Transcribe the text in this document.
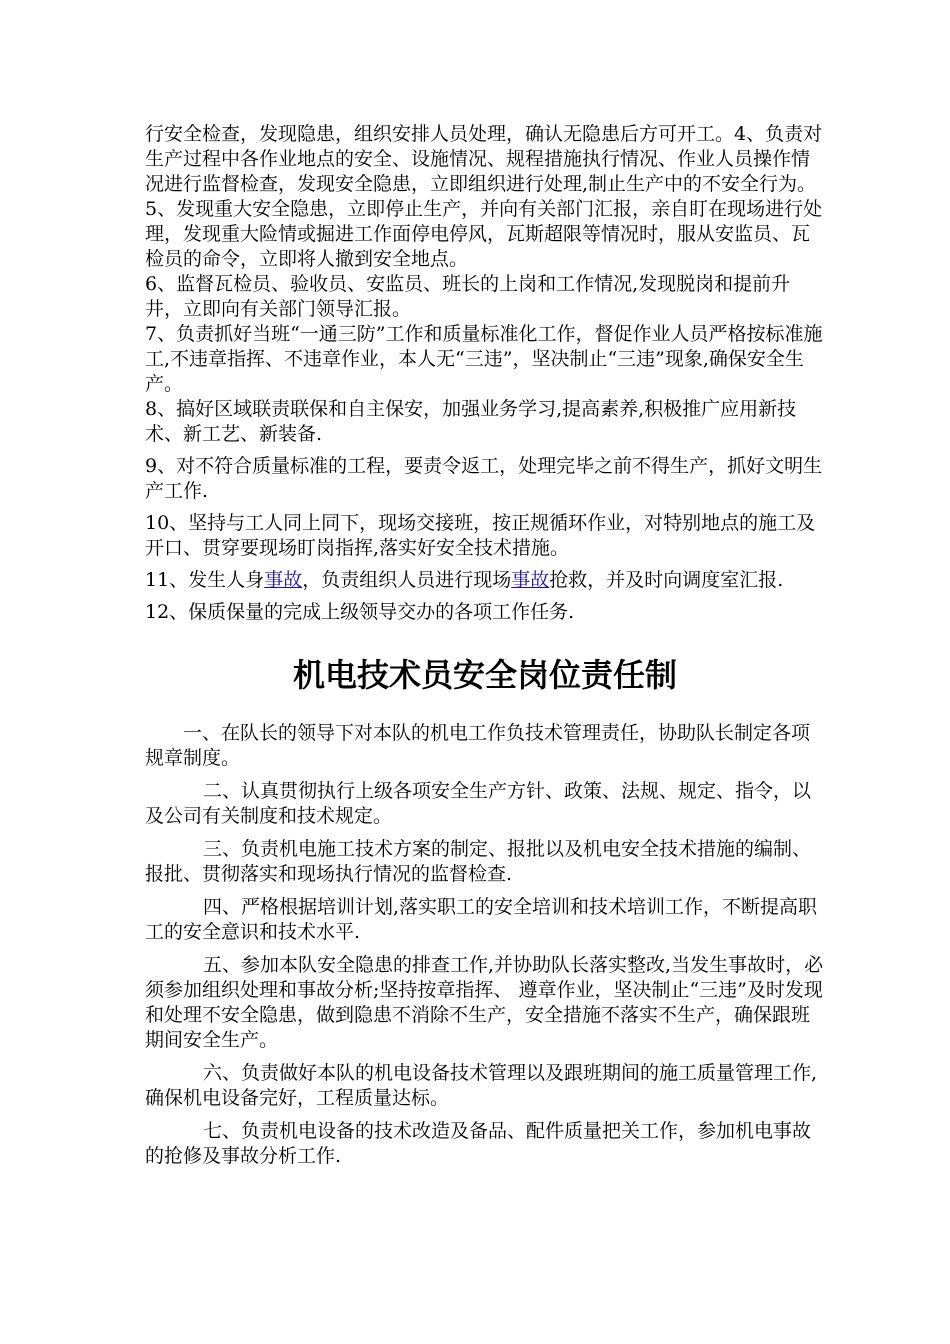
行安全检查，发现隐患，组织安排人员处理，确认无隐患后方可开工。4、负责对生产过程中各作业地点的安全、设施情况、规程措施执行情况、作业人员操作情况进行监督检查，发现安全隐患，立即组织进行处理,制止生产中的不安全行为。

5、发现重大安全隐患，立即停止生产，并向有关部门汇报，亲自盯在现场进行处理，发现重大险情或掘进工作面停电停风，瓦斯超限等情况时，服从安监员、瓦检员的命令，立即将人撤到安全地点。

6、监督瓦检员、验收员、安监员、班长的上岗和工作情况,发现脱岗和提前升井，立即向有关部门领导汇报。

7、负责抓好当班“一通三防”工作和质量标准化工作，督促作业人员严格按标准施工,不违章指挥、不违章作业，本人无“三违”，坚决制止“三违”现象,确保安全生产。

8、搞好区域联责联保和自主保安，加强业务学习,提高素养,积极推广应用新技术、新工艺、新装备.

9、对不符合质量标准的工程，要责令返工，处理完毕之前不得生产，抓好文明生产工作.

10、坚持与工人同上同下，现场交接班，按正规循环作业，对特别地点的施工及开口、贯穿要现场盯岗指挥,落实好安全技术措施。

11、发生人身事故，负责组织人员进行现场事故抢救，并及时向调度室汇报.

12、保质保量的完成上级领导交办的各项工作任务.

机电技术员安全岗位责任制

一、在队长的领导下对本队的机电工作负技术管理责任，协助队长制定各项规章制度。

二、认真贯彻执行上级各项安全生产方针、政策、法规、规定、指令，以及公司有关制度和技术规定。

三、负责机电施工技术方案的制定、报批以及机电安全技术措施的编制、报批、贯彻落实和现场执行情况的监督检查.

四、严格根据培训计划,落实职工的安全培训和技术培训工作，不断提高职工的安全意识和技术水平.

五、参加本队安全隐患的排查工作,并协助队长落实整改,当发生事故时，必须参加组织处理和事故分析;坚持按章指挥、 遵章作业，坚决制止“三违”及时发现和处理不安全隐患，做到隐患不消除不生产，安全措施不落实不生产，确保跟班期间安全生产。

六、负责做好本队的机电设备技术管理以及跟班期间的施工质量管理工作,确保机电设备完好，工程质量达标。

七、负责机电设备的技术改造及备品、配件质量把关工作，参加机电事故的抢修及事故分析工作.
